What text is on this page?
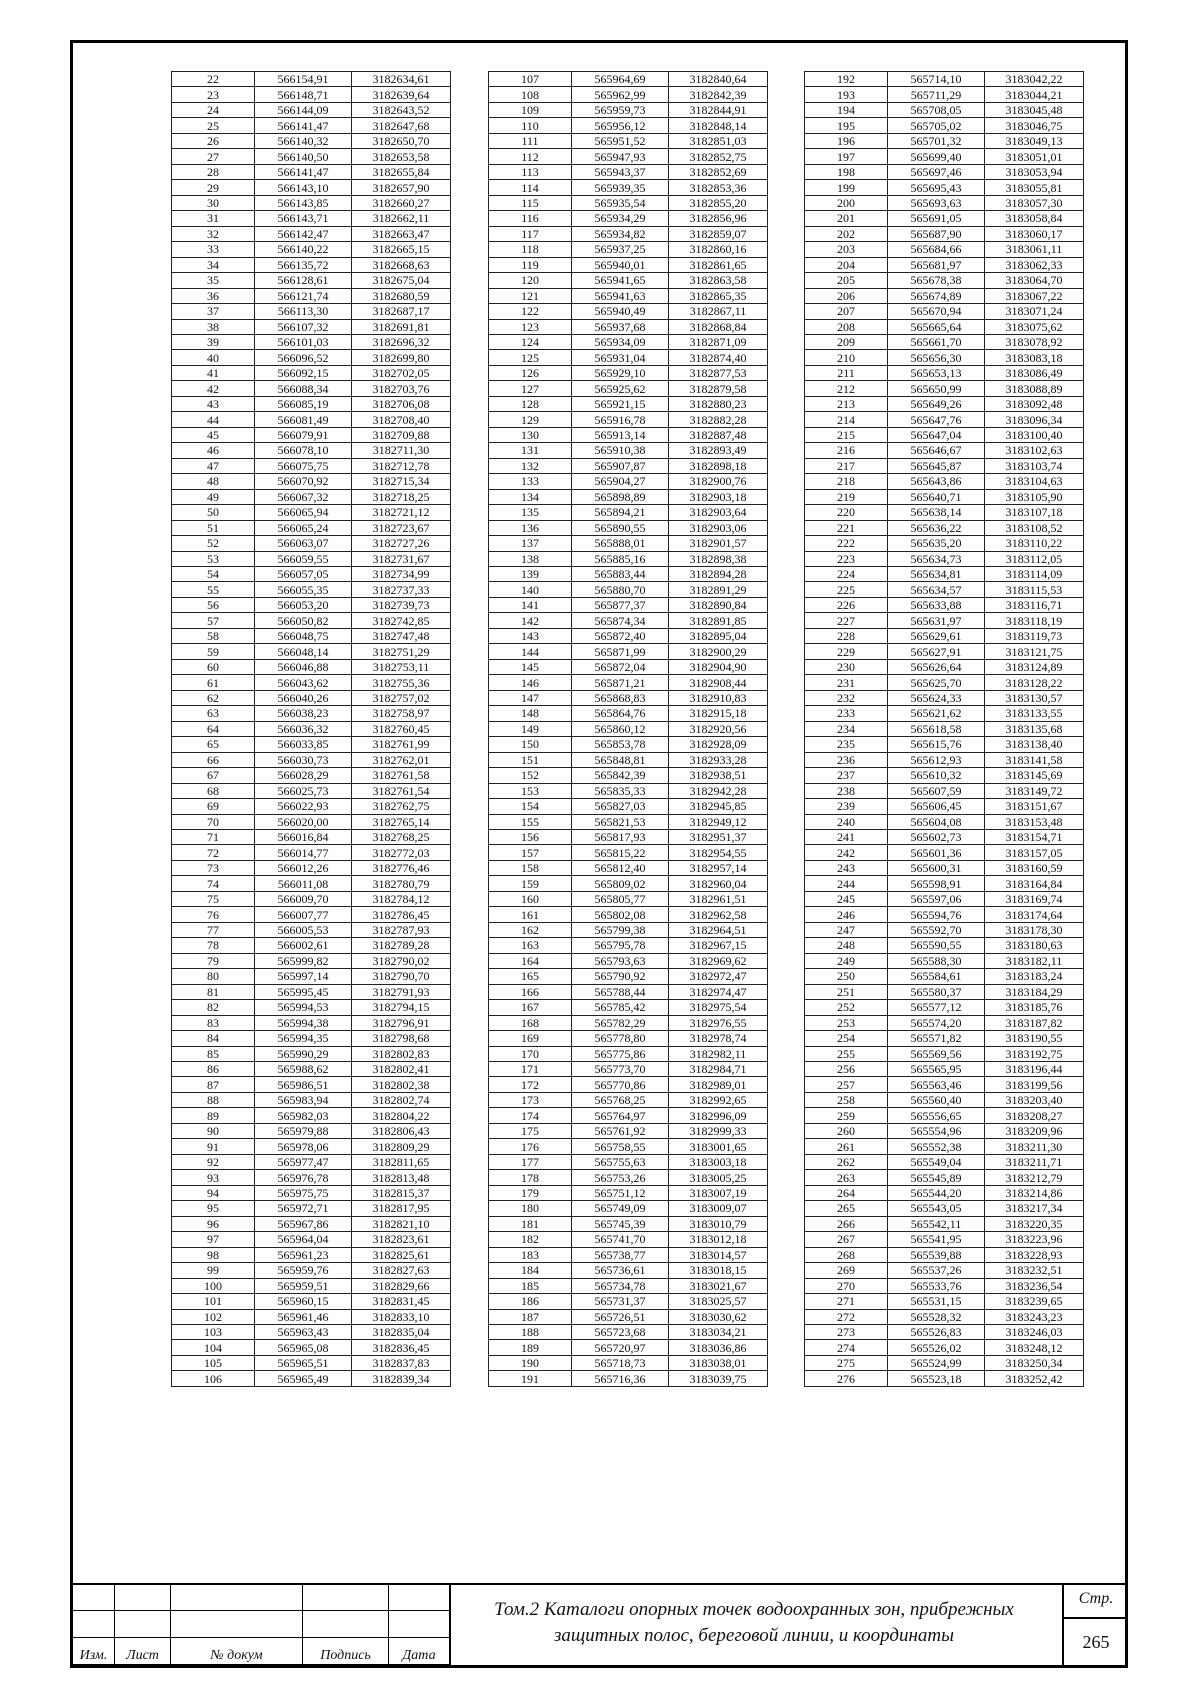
22	566154,91	3182634,61
23	566148,71	3182639,64
24	566144,09	3182643,52
25	566141,47	3182647,68
26	566140,32	3182650,70
27	566140,50	3182653,58
28	566141,47	3182655,84
29	566143,10	3182657,90
30	566143,85	3182660,27
31	566143,71	3182662,11
32	566142,47	3182663,47
33	566140,22	3182665,15
34	566135,72	3182668,63
35	566128,61	3182675,04
36	566121,74	3182680,59
37	566113,30	3182687,17
38	566107,32	3182691,81
39	566101,03	3182696,32
40	566096,52	3182699,80
41	566092,15	3182702,05
42	566088,34	3182703,76
43	566085,19	3182706,08
44	566081,49	3182708,40
45	566079,91	3182709,88
46	566078,10	3182711,30
47	566075,75	3182712,78
48	566070,92	3182715,34
49	566067,32	3182718,25
50	566065,94	3182721,12
51	566065,24	3182723,67
52	566063,07	3182727,26
53	566059,55	3182731,67
54	566057,05	3182734,99
55	566055,35	3182737,33
56	566053,20	3182739,73
57	566050,82	3182742,85
58	566048,75	3182747,48
59	566048,14	3182751,29
60	566046,88	3182753,11
61	566043,62	3182755,36
62	566040,26	3182757,02
63	566038,23	3182758,97
64	566036,32	3182760,45
65	566033,85	3182761,99
66	566030,73	3182762,01
67	566028,29	3182761,58
68	566025,73	3182761,54
69	566022,93	3182762,75
70	566020,00	3182765,14
71	566016,84	3182768,25
72	566014,77	3182772,03
73	566012,26	3182776,46
74	566011,08	3182780,79
75	566009,70	3182784,12
76	566007,77	3182786,45
77	566005,53	3182787,93
78	566002,61	3182789,28
79	565999,82	3182790,02
80	565997,14	3182790,70
81	565995,45	3182791,93
82	565994,53	3182794,15
83	565994,38	3182796,91
84	565994,35	3182798,68
85	565990,29	3182802,83
86	565988,62	3182802,41
87	565986,51	3182802,38
88	565983,94	3182802,74
89	565982,03	3182804,22
90	565979,88	3182806,43
91	565978,06	3182809,29
92	565977,47	3182811,65
93	565976,78	3182813,48
94	565975,75	3182815,37
95	565972,71	3182817,95
96	565967,86	3182821,10
97	565964,04	3182823,61
98	565961,23	3182825,61
99	565959,76	3182827,63
100	565959,51	3182829,66
101	565960,15	3182831,45
102	565961,46	3182833,10
103	565963,43	3182835,04
104	565965,08	3182836,45
105	565965,51	3182837,83
106	565965,49	3182839,34
107	565964,69	3182840,64
108	565962,99	3182842,39
109	565959,73	3182844,91
110	565956,12	3182848,14
111	565951,52	3182851,03
112	565947,93	3182852,75
113	565943,37	3182852,69
114	565939,35	3182853,36
115	565935,54	3182855,20
116	565934,29	3182856,96
117	565934,82	3182859,07
118	565937,25	3182860,16
119	565940,01	3182861,65
120	565941,65	3182863,58
121	565941,63	3182865,35
122	565940,49	3182867,11
123	565937,68	3182868,84
124	565934,09	3182871,09
125	565931,04	3182874,40
126	565929,10	3182877,53
127	565925,62	3182879,58
128	565921,15	3182880,23
129	565916,78	3182882,28
130	565913,14	3182887,48
131	565910,38	3182893,49
132	565907,87	3182898,18
133	565904,27	3182900,76
134	565898,89	3182903,18
135	565894,21	3182903,64
136	565890,55	3182903,06
137	565888,01	3182901,57
138	565885,16	3182898,38
139	565883,44	3182894,28
140	565880,70	3182891,29
141	565877,37	3182890,84
142	565874,34	3182891,85
143	565872,40	3182895,04
144	565871,99	3182900,29
145	565872,04	3182904,90
146	565871,21	3182908,44
147	565868,83	3182910,83
148	565864,76	3182915,18
149	565860,12	3182920,56
150	565853,78	3182928,09
151	565848,81	3182933,28
152	565842,39	3182938,51
153	565835,33	3182942,28
154	565827,03	3182945,85
155	565821,53	3182949,12
156	565817,93	3182951,37
157	565815,22	3182954,55
158	565812,40	3182957,14
159	565809,02	3182960,04
160	565805,77	3182961,51
161	565802,08	3182962,58
162	565799,38	3182964,51
163	565795,78	3182967,15
164	565793,63	3182969,62
165	565790,92	3182972,47
166	565788,44	3182974,47
167	565785,42	3182975,54
168	565782,29	3182976,55
169	565778,80	3182978,74
170	565775,86	3182982,11
171	565773,70	3182984,71
172	565770,86	3182989,01
173	565768,25	3182992,65
174	565764,97	3182996,09
175	565761,92	3182999,33
176	565758,55	3183001,65
177	565755,63	3183003,18
178	565753,26	3183005,25
179	565751,12	3183007,19
180	565749,09	3183009,07
181	565745,39	3183010,79
182	565741,70	3183012,18
183	565738,77	3183014,57
184	565736,61	3183018,15
185	565734,78	3183021,67
186	565731,37	3183025,57
187	565726,51	3183030,62
188	565723,68	3183034,21
189	565720,97	3183036,86
190	565718,73	3183038,01
191	565716,36	3183039,75
192	565714,10	3183042,22
193	565711,29	3183044,21
194	565708,05	3183045,48
195	565705,02	3183046,75
196	565701,32	3183049,13
197	565699,40	3183051,01
198	565697,46	3183053,94
199	565695,43	3183055,81
200	565693,63	3183057,30
201	565691,05	3183058,84
202	565687,90	3183060,17
203	565684,66	3183061,11
204	565681,97	3183062,33
205	565678,38	3183064,70
206	565674,89	3183067,22
207	565670,94	3183071,24
208	565665,64	3183075,62
209	565661,70	3183078,92
210	565656,30	3183083,18
211	565653,13	3183086,49
212	565650,99	3183088,89
213	565649,26	3183092,48
214	565647,76	3183096,34
215	565647,04	3183100,40
216	565646,67	3183102,63
217	565645,87	3183103,74
218	565643,86	3183104,63
219	565640,71	3183105,90
220	565638,14	3183107,18
221	565636,22	3183108,52
222	565635,20	3183110,22
223	565634,73	3183112,05
224	565634,81	3183114,09
225	565634,57	3183115,53
226	565633,88	3183116,71
227	565631,97	3183118,19
228	565629,61	3183119,73
229	565627,91	3183121,75
230	565626,64	3183124,89
231	565625,70	3183128,22
232	565624,33	3183130,57
233	565621,62	3183133,55
234	565618,58	3183135,68
235	565615,76	3183138,40
236	565612,93	3183141,58
237	565610,32	3183145,69
238	565607,59	3183149,72
239	565606,45	3183151,67
240	565604,08	3183153,48
241	565602,73	3183154,71
242	565601,36	3183157,05
243	565600,31	3183160,59
244	565598,91	3183164,84
245	565597,06	3183169,74
246	565594,76	3183174,64
247	565592,70	3183178,30
248	565590,55	3183180,63
249	565588,30	3183182,11
250	565584,61	3183183,24
251	565580,37	3183184,29
252	565577,12	3183185,76
253	565574,20	3183187,82
254	565571,82	3183190,55
255	565569,56	3183192,75
256	565565,95	3183196,44
257	565563,46	3183199,56
258	565560,40	3183203,40
259	565556,65	3183208,27
260	565554,96	3183209,96
261	565552,38	3183211,30
262	565549,04	3183211,71
263	565545,89	3183212,79
264	565544,20	3183214,86
265	565543,05	3183217,34
266	565542,11	3183220,35
267	565541,95	3183223,96
268	565539,88	3183228,93
269	565537,26	3183232,51
270	565533,76	3183236,54
271	565531,15	3183239,65
272	565528,32	3183243,23
273	565526,83	3183246,03
274	565526,02	3183248,12
275	565524,99	3183250,34
276	565523,18	3183252,42

Изм.	Лист	№ докум	Подпись	Дата
Том.2 Каталоги опорных точек водоохранных зон, прибрежных
защитных полос, береговой линии, и координаты
Стр.
265
